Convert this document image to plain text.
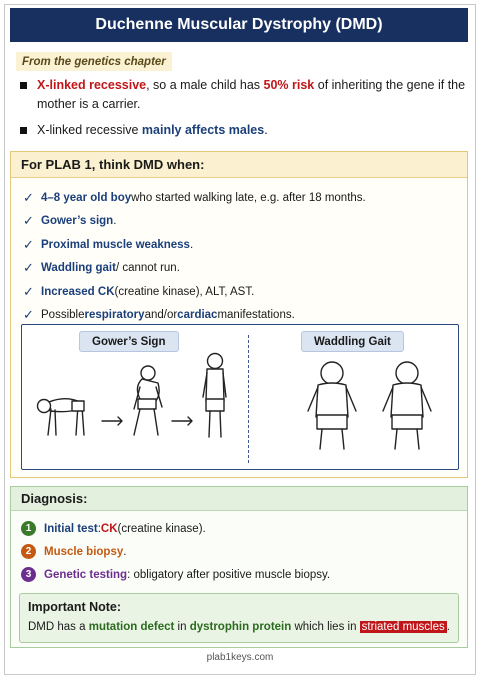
Duchenne Muscular Dystrophy (DMD)
From the genetics chapter
X-linked recessive, so a male child has 50% risk of inheriting the gene if the mother is a carrier.
X-linked recessive mainly affects males.
For PLAB 1, think DMD when:
✓ 4–8 year old boy who started walking late, e.g. after 18 months.
✓ Gower’s sign .
✓ Proximal muscle weakness .
✓ Waddling gait / cannot run.
✓ Increased CK (creatine kinase), ALT, AST.
✓ Possible respiratory and/or cardiac manifestations.
Gower’s Sign	Waddling Gait
Diagnosis:
1	Initial test : CK (creatine kinase).
2	Muscle biopsy .
3	Genetic testing : obligatory after positive muscle biopsy.
Important Note:
DMD has a mutation defect in dystrophin protein which lies in striated muscles .
plab1keys.com
